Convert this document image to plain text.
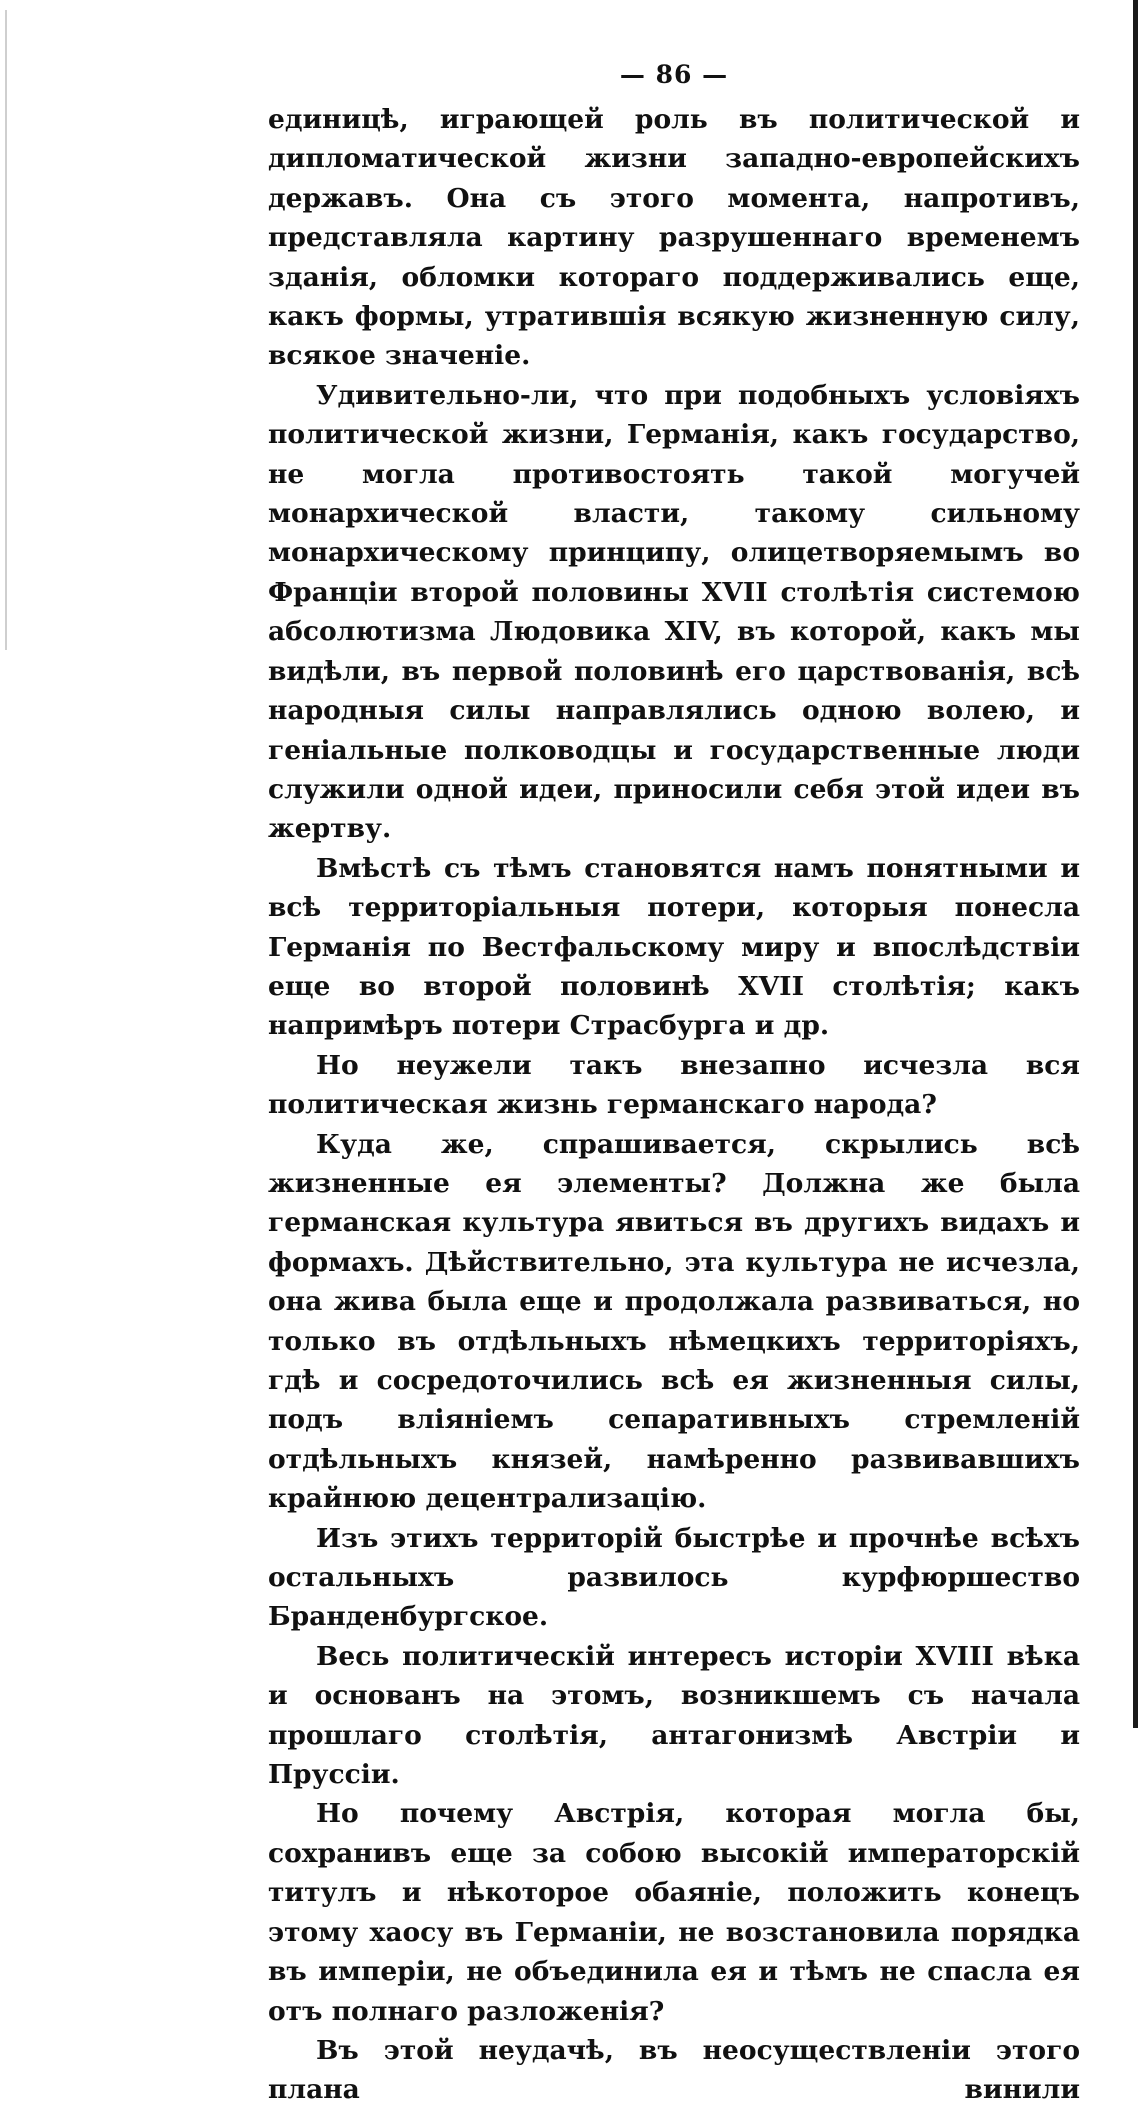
— 86 —

единицѣ, играющей роль въ политической и дипломатической жизни западно-европейскихъ державъ. Она съ этого момента, напротивъ, представляла картину разрушеннаго временемъ зданія, обломки котораго поддерживались еще, какъ формы, утратившія всякую жизненную силу, всякое значеніе.

Удивительно-ли, что при подобныхъ условіяхъ политической жизни, Германія, какъ государство, не могла противостоять такой могучей монархической власти, такому сильному монархическому принципу, олицетворяемымъ во Франціи второй половины XVII столѣтія системою абсолютизма Людовика XIV, въ которой, какъ мы видѣли, въ первой половинѣ его царствованія, всѣ народныя силы направлялись одною волею, и геніальные полководцы и государственные люди служили одной идеи, приносили себя этой идеи въ жертву.

Вмѣстѣ съ тѣмъ становятся намъ понятными и всѣ территоріальныя потери, которыя понесла Германія по Вестфальскому миру и впослѣдствіи еще во второй половинѣ XVII столѣтія; какъ напримѣръ потери Страсбурга и др.

Но неужели такъ внезапно исчезла вся политическая жизнь германскаго народа?

Куда же, спрашивается, скрылись всѣ жизненные ея элементы? Должна же была германская культура явиться въ другихъ видахъ и формахъ. Дѣйствительно, эта культура не исчезла, она жива была еще и продолжала развиваться, но только въ отдѣльныхъ нѣмецкихъ территоріяхъ, гдѣ и сосредоточились всѣ ея жизненныя силы, подъ вліяніемъ сепаративныхъ стремленій отдѣльныхъ князей, намѣренно развивавшихъ крайнюю децентрализацію.

Изъ этихъ территорій быстрѣе и прочнѣе всѣхъ остальныхъ развилось курфюршество Бранденбургское.

Весь политическій интересъ исторіи XVIII вѣка и основанъ на этомъ, возникшемъ съ начала прошлаго столѣтія, антагонизмѣ Австріи и Пруссіи.

Но почему Австрія, которая могла бы, сохранивъ еще за собою высокій императорскій титулъ и нѣкоторое обаяніе, положить конецъ этому хаосу въ Германіи, не возстановила порядка въ имперіи, не объединила ея и тѣмъ не спасла ея отъ полнаго разложенія?

Въ этой неудачѣ, въ неосуществленіи этого плана винили
